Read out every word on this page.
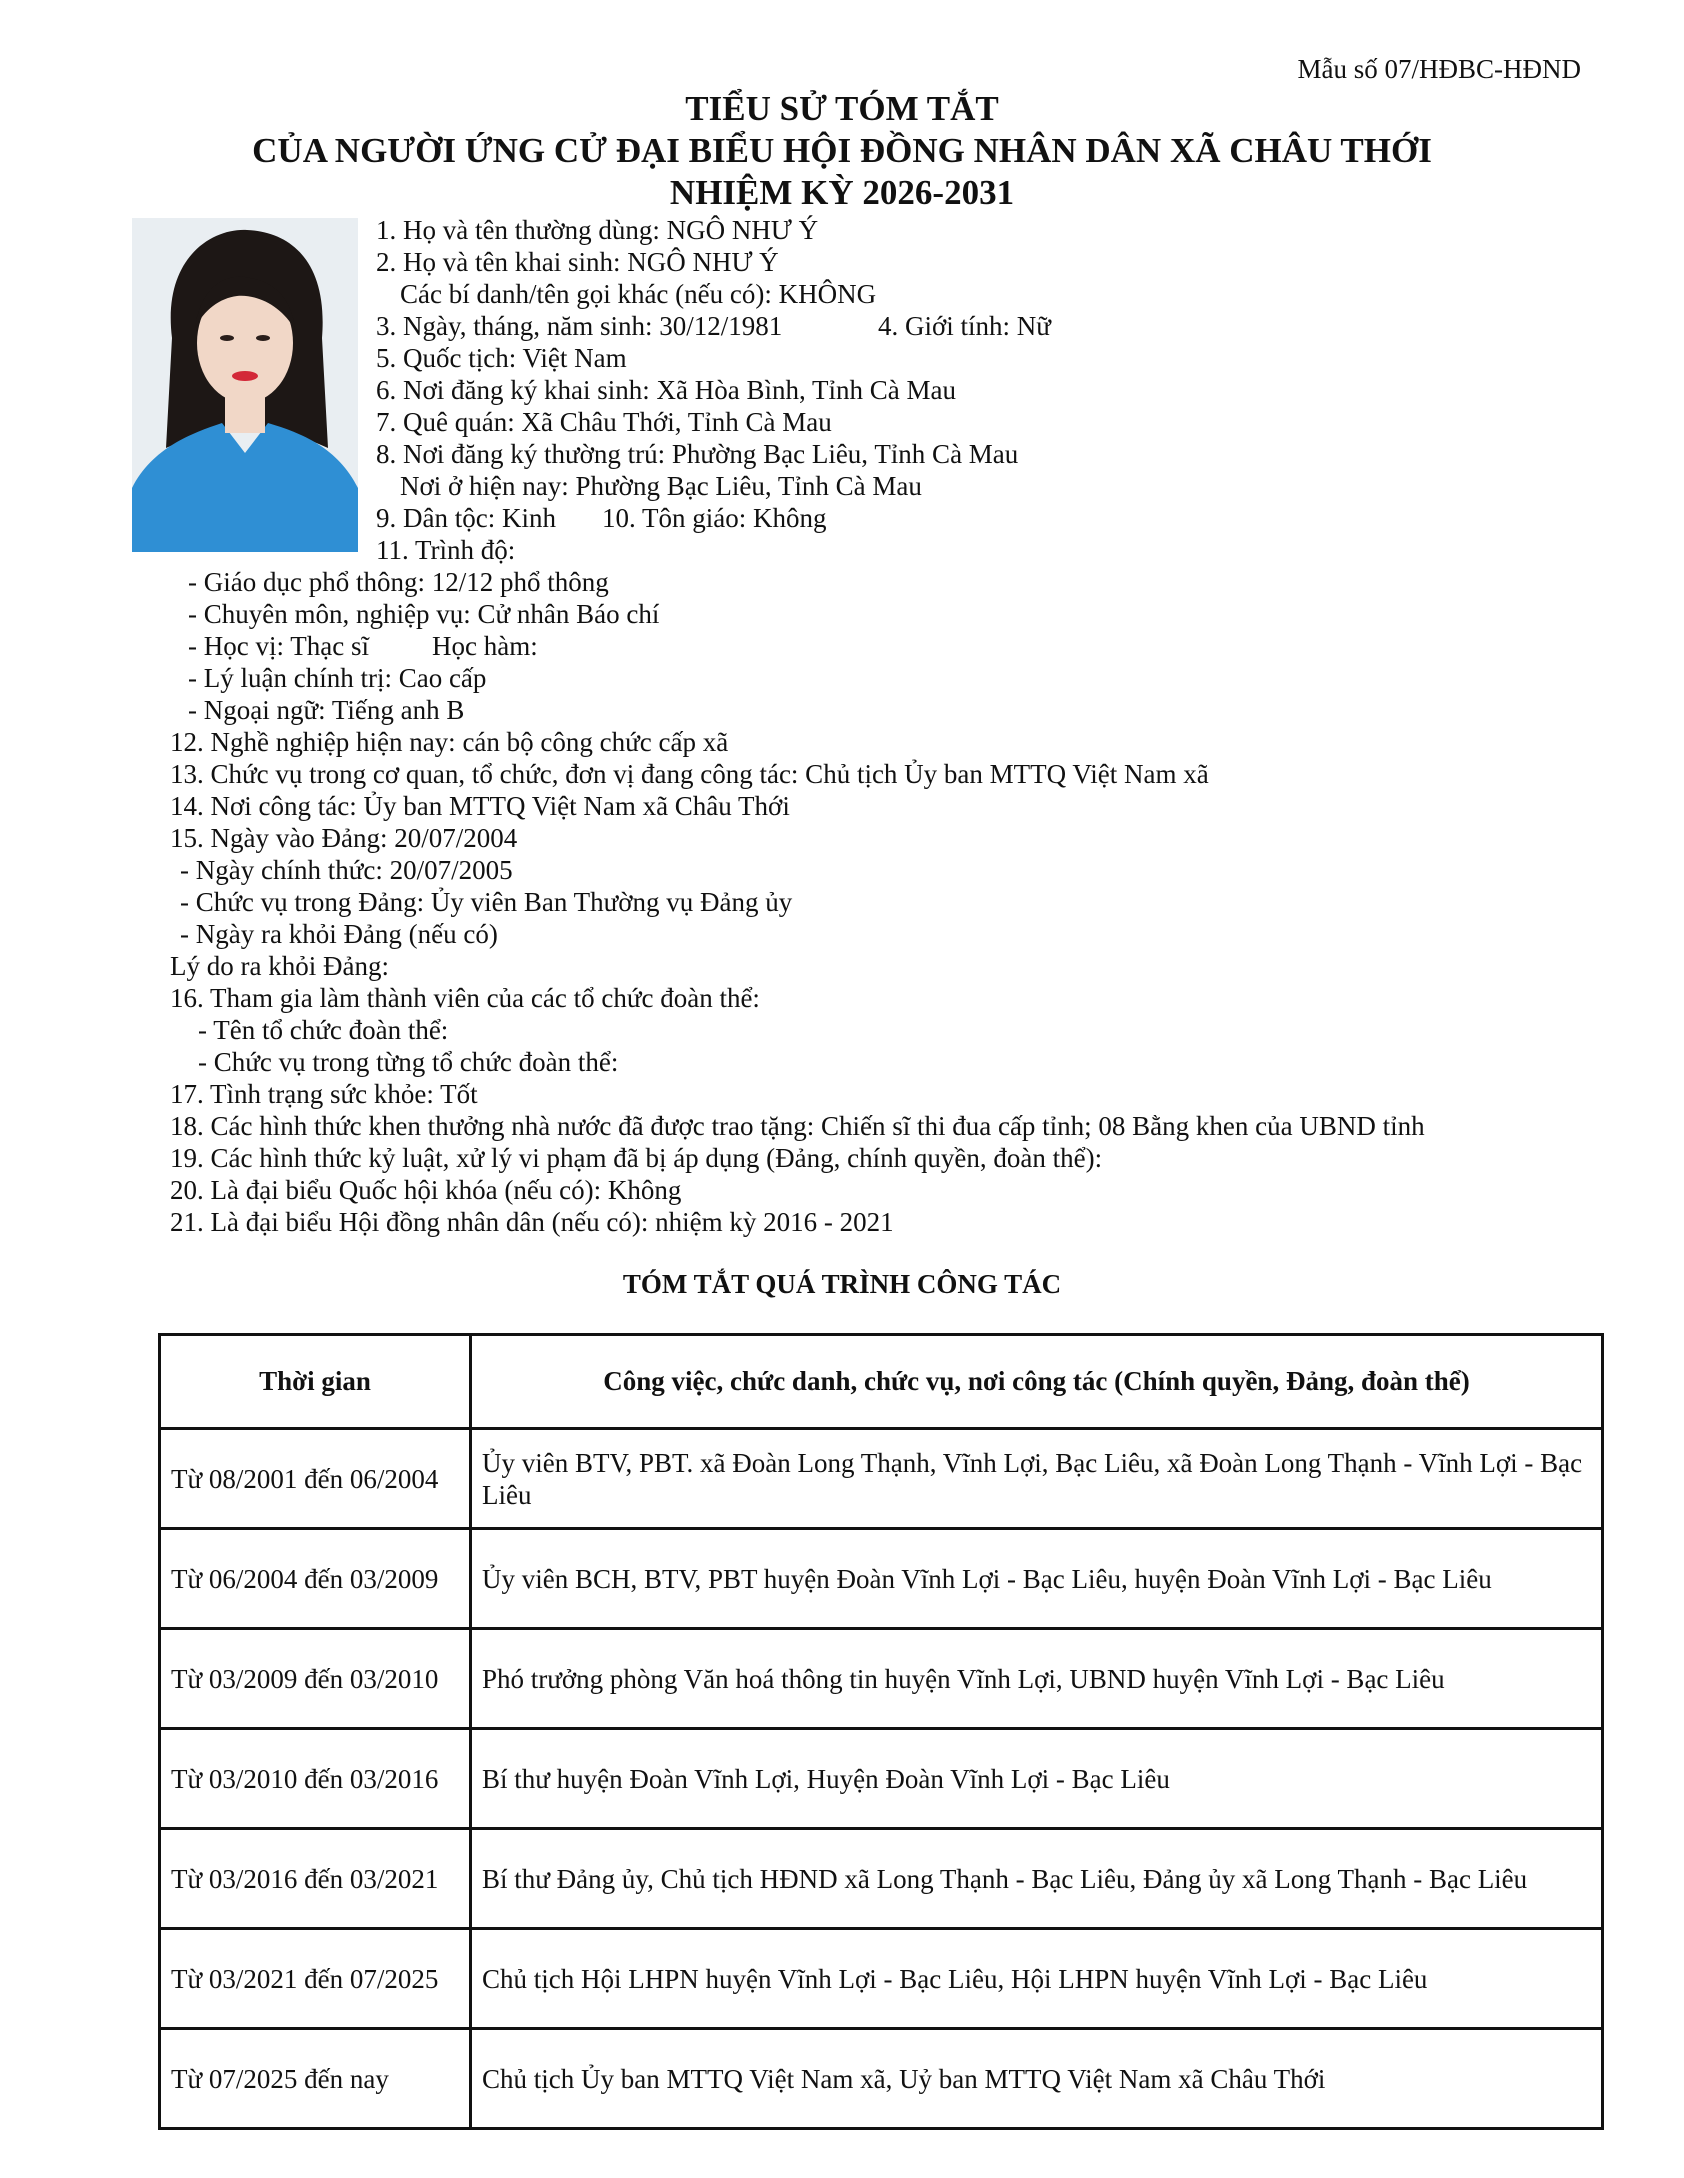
Mẫu số 07/HĐBC-HĐND
TIỂU SỬ TÓM TẮT
CỦA NGƯỜI ỨNG CỬ ĐẠI BIỂU HỘI ĐỒNG NHÂN DÂN XÃ CHÂU THỚI
NHIỆM KỲ 2026-2031
1. Họ và tên thường dùng: NGÔ NHƯ Ý
2. Họ và tên khai sinh: NGÔ NHƯ Ý
Các bí danh/tên gọi khác (nếu có): KHÔNG
3. Ngày, tháng, năm sinh: 30/12/1981	4. Giới tính: Nữ
5. Quốc tịch: Việt Nam
6. Nơi đăng ký khai sinh: Xã Hòa Bình, Tỉnh Cà Mau
7. Quê quán: Xã Châu Thới, Tỉnh Cà Mau
8. Nơi đăng ký thường trú: Phường Bạc Liêu, Tỉnh Cà Mau
Nơi ở hiện nay: Phường Bạc Liêu, Tỉnh Cà Mau
9. Dân tộc: Kinh 10. Tôn giáo: Không
11. Trình độ:
- Giáo dục phổ thông: 12/12 phổ thông
- Chuyên môn, nghiệp vụ: Cử nhân Báo chí
- Học vị: Thạc sĩ Học hàm:
- Lý luận chính trị: Cao cấp
- Ngoại ngữ: Tiếng anh B
12. Nghề nghiệp hiện nay: cán bộ công chức cấp xã
13. Chức vụ trong cơ quan, tổ chức, đơn vị đang công tác: Chủ tịch Ủy ban MTTQ Việt Nam xã
14. Nơi công tác: Ủy ban MTTQ Việt Nam xã Châu Thới
15. Ngày vào Đảng: 20/07/2004
- Ngày chính thức: 20/07/2005
- Chức vụ trong Đảng: Ủy viên Ban Thường vụ Đảng ủy
- Ngày ra khỏi Đảng (nếu có)
Lý do ra khỏi Đảng:
16. Tham gia làm thành viên của các tổ chức đoàn thể:
- Tên tổ chức đoàn thể:
- Chức vụ trong từng tổ chức đoàn thể:
17. Tình trạng sức khỏe: Tốt
18. Các hình thức khen thưởng nhà nước đã được trao tặng: Chiến sĩ thi đua cấp tỉnh; 08 Bằng khen của UBND tỉnh
19. Các hình thức kỷ luật, xử lý vi phạm đã bị áp dụng (Đảng, chính quyền, đoàn thể):
20. Là đại biểu Quốc hội khóa (nếu có): Không
21. Là đại biểu Hội đồng nhân dân (nếu có): nhiệm kỳ 2016 - 2021
TÓM TẮT QUÁ TRÌNH CÔNG TÁC
Thời gian	Công việc, chức danh, chức vụ, nơi công tác (Chính quyền, Đảng, đoàn thể)
Từ 08/2001 đến 06/2004	Ủy viên BTV, PBT. xã Đoàn Long Thạnh, Vĩnh Lợi, Bạc Liêu, xã Đoàn Long Thạnh - Vĩnh Lợi - Bạc Liêu
Từ 06/2004 đến 03/2009	Ủy viên BCH, BTV, PBT huyện Đoàn Vĩnh Lợi - Bạc Liêu, huyện Đoàn Vĩnh Lợi - Bạc Liêu
Từ 03/2009 đến 03/2010	Phó trưởng phòng Văn hoá thông tin huyện Vĩnh Lợi, UBND huyện Vĩnh Lợi - Bạc Liêu
Từ 03/2010 đến 03/2016	Bí thư huyện Đoàn Vĩnh Lợi, Huyện Đoàn Vĩnh Lợi - Bạc Liêu
Từ 03/2016 đến 03/2021	Bí thư Đảng ủy, Chủ tịch HĐND xã Long Thạnh - Bạc Liêu, Đảng ủy xã Long Thạnh - Bạc Liêu
Từ 03/2021 đến 07/2025	Chủ tịch Hội LHPN huyện Vĩnh Lợi - Bạc Liêu, Hội LHPN huyện Vĩnh Lợi - Bạc Liêu
Từ 07/2025 đến nay	Chủ tịch Ủy ban MTTQ Việt Nam xã, Uỷ ban MTTQ Việt Nam xã Châu Thới
